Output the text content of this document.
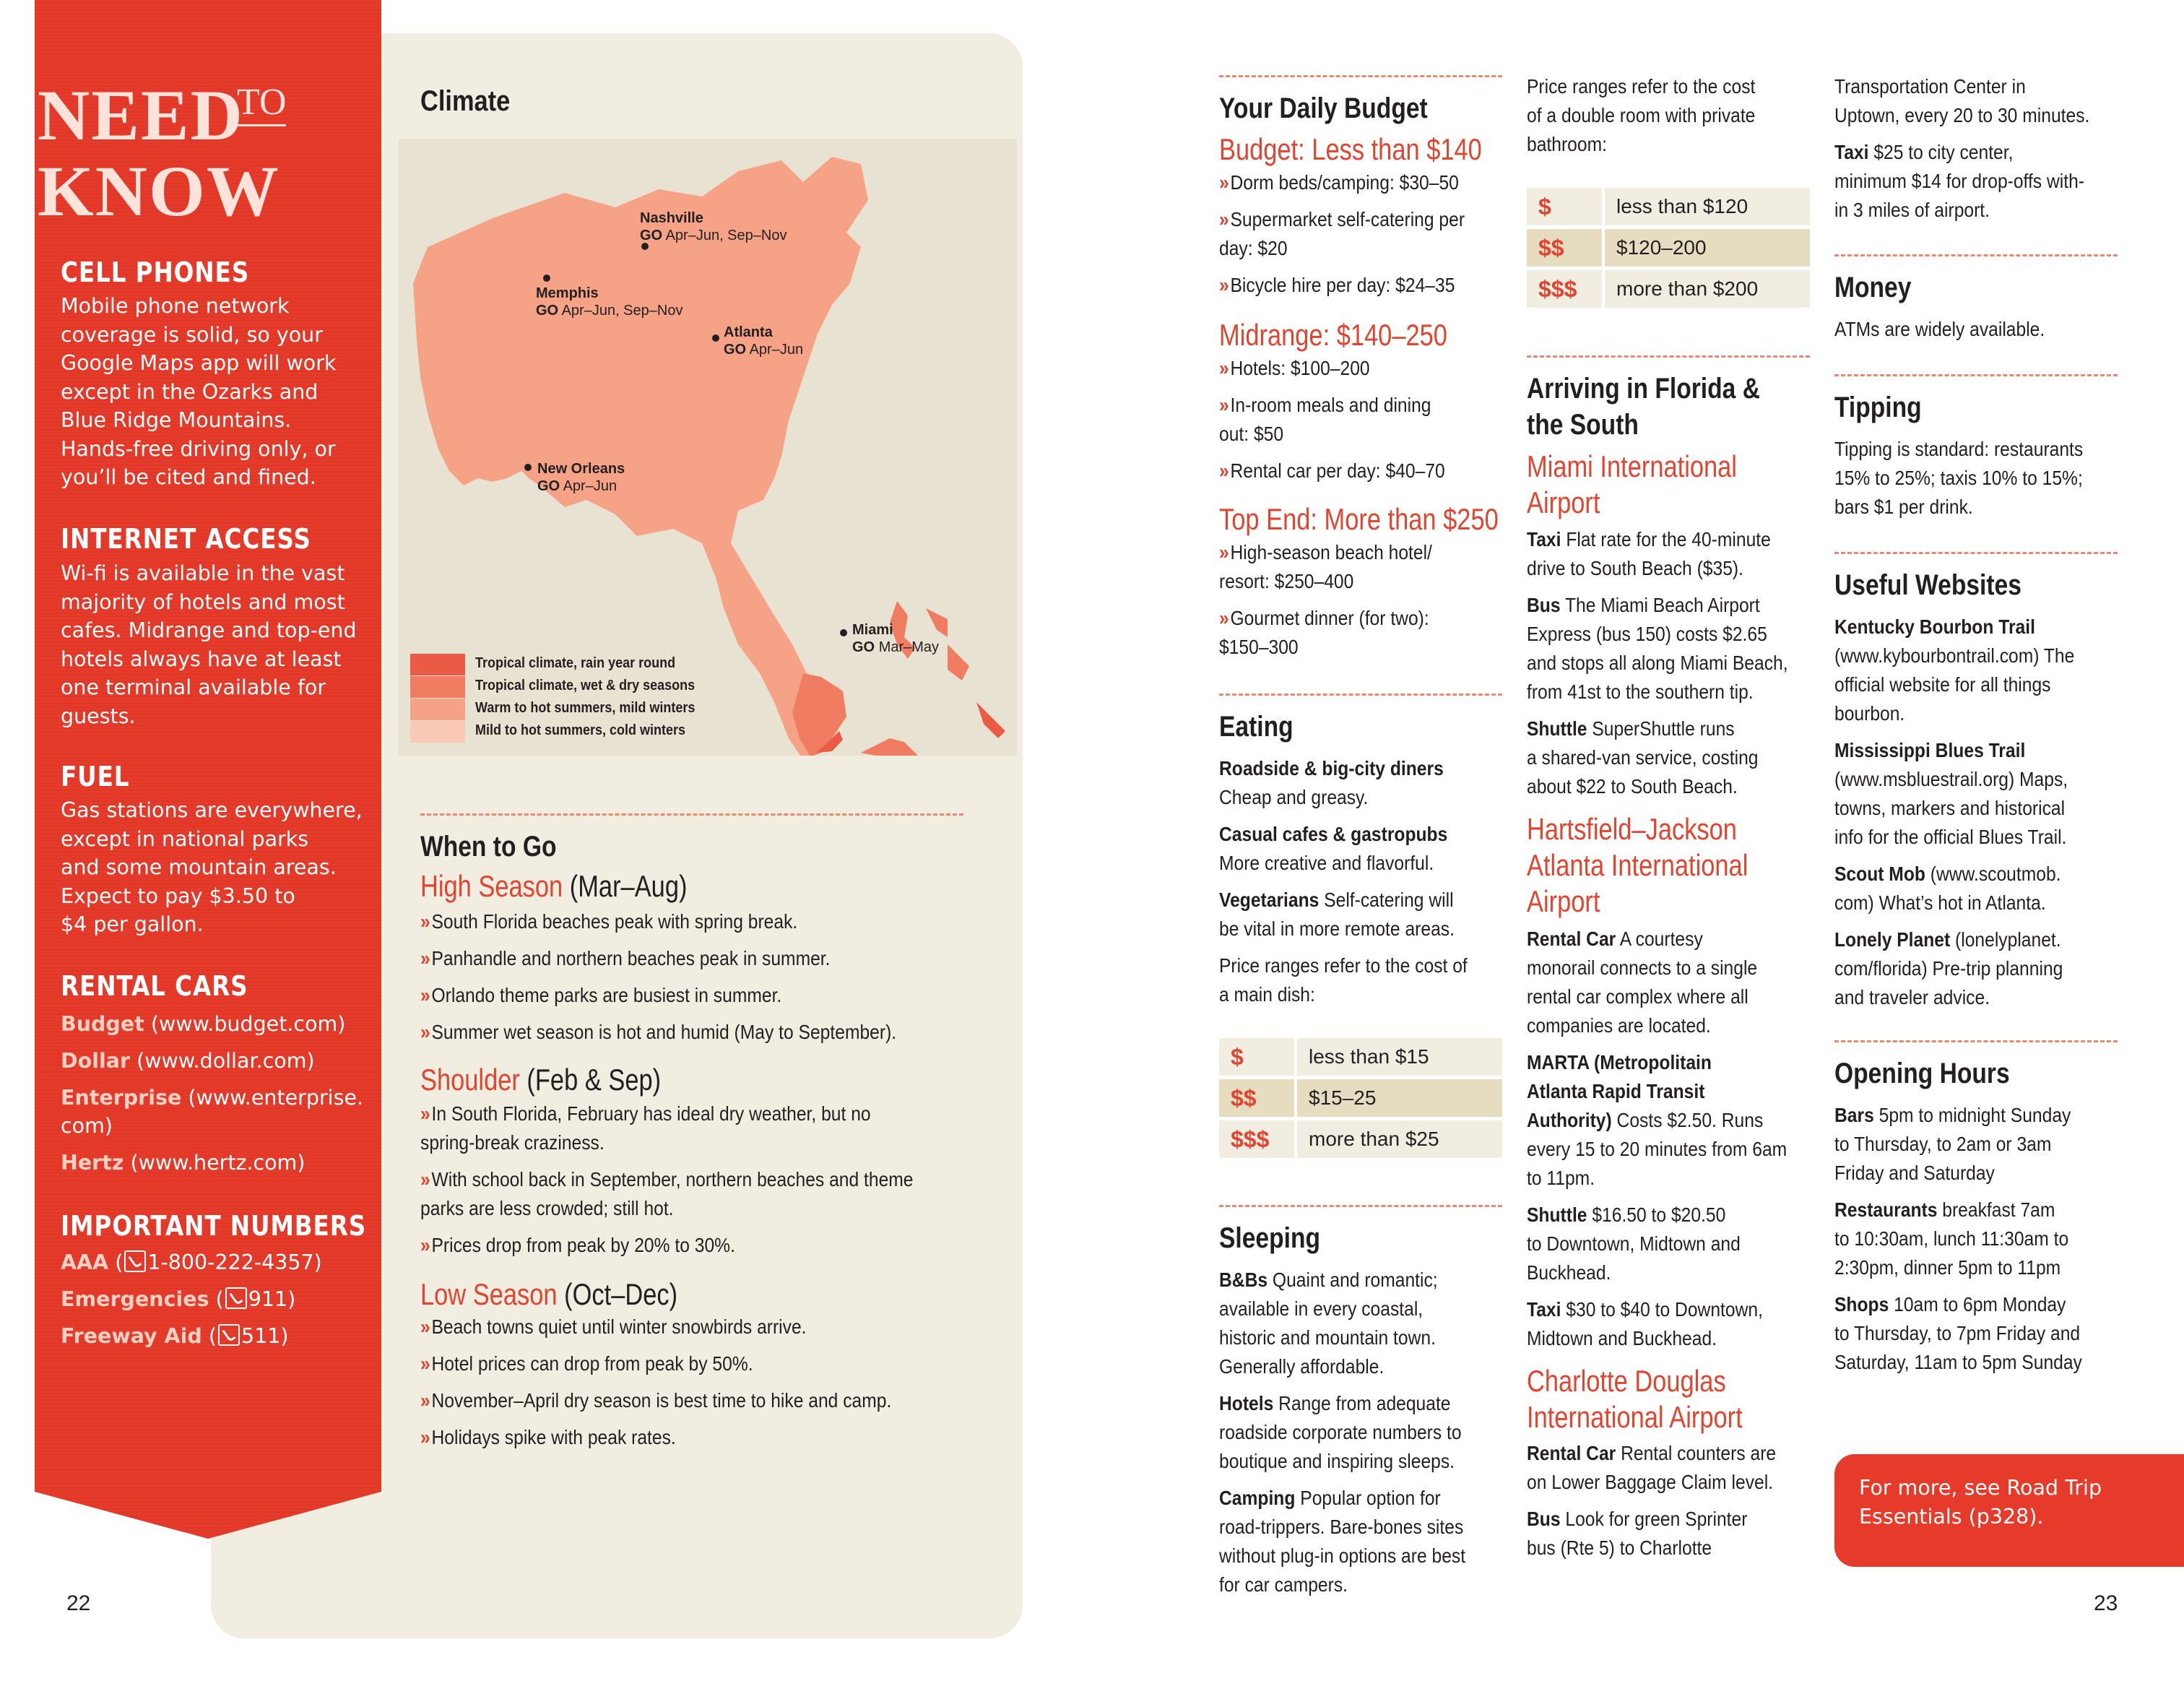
NEED
TO
KNOW
CELL PHONES
Mobile phone network
coverage is solid, so your
Google Maps app will work
except in the Ozarks and
Blue Ridge Mountains.
Hands-free driving only, or
you’ll be cited and fined.
INTERNET ACCESS
Wi-fi is available in the vast
majority of hotels and most
cafes. Midrange and top-end
hotels always have at least
one terminal available for
guests.
FUEL
Gas stations are everywhere,
except in national parks
and some mountain areas.
Expect to pay $3.50 to
$4 per gallon.
RENTAL CARS
Budget (www.budget.com)
Dollar (www.dollar.com)
Enterprise (www.enterprise.
com)
Hertz (www.hertz.com)
IMPORTANT NUMBERS
AAA ( 1-800-222-4357)
Emergencies ( 911)
Freeway Aid ( 511)
Climate
Nashville
GO Apr–Jun, Sep–Nov
Memphis
GO Apr–Jun, Sep–Nov
Atlanta
GO Apr–Jun
New Orleans
GO Apr–Jun
Miami
GO Mar–May
Tropical climate, rain year round
Tropical climate, wet & dry seasons
Warm to hot summers, mild winters
Mild to hot summers, cold winters
When to Go
High Season (Mar–Aug)
» South Florida beaches peak with spring break.
» Panhandle and northern beaches peak in summer.
» Orlando theme parks are busiest in summer.
» Summer wet season is hot and humid (May to September).
Shoulder (Feb & Sep)
» In South Florida, February has ideal dry weather, but no
spring-break craziness.
» With school back in September, northern beaches and theme
parks are less crowded; still hot.
» Prices drop from peak by 20% to 30%.
Low Season (Oct–Dec)
» Beach towns quiet until winter snowbirds arrive.
» Hotel prices can drop from peak by 50%.
» November–April dry season is best time to hike and camp.
» Holidays spike with peak rates.
22
Your Daily Budget
Budget: Less than $140
» Dorm beds/camping: $30–50
» Supermarket self-catering per
day: $20
» Bicycle hire per day: $24–35
Midrange: $140–250
» Hotels: $100–200
» In-room meals and dining
out: $50
» Rental car per day: $40–70
Top End: More than $250
» High-season beach hotel/
resort: $250–400
» Gourmet dinner (for two):
$150–300
Eating
Roadside & big-city diners
Cheap and greasy.
Casual cafes & gastropubs
More creative and flavorful.
Vegetarians Self-catering will
be vital in more remote areas.
Price ranges refer to the cost of
a main dish:
$	less than $15
$$	$15–25
$$$	more than $25
Sleeping
B&Bs Quaint and romantic;
available in every coastal,
historic and mountain town.
Generally affordable.
Hotels Range from adequate
roadside corporate numbers to
boutique and inspiring sleeps.
Camping Popular option for
road-trippers. Bare-bones sites
without plug-in options are best
for car campers.
Price ranges refer to the cost
of a double room with private
bathroom:
$	less than $120
$$	$120–200
$$$	more than $200
Arriving in Florida &
the South
Miami International
Airport
Taxi Flat rate for the 40-minute
drive to South Beach ($35).
Bus The Miami Beach Airport
Express (bus 150) costs $2.65
and stops all along Miami Beach,
from 41st to the southern tip.
Shuttle SuperShuttle runs
a shared-van service, costing
about $22 to South Beach.
Hartsfield–Jackson
Atlanta International
Airport
Rental Car A courtesy
monorail connects to a single
rental car complex where all
companies are located.
MARTA (Metropolitain
Atlanta Rapid Transit
Authority) Costs $2.50. Runs
every 15 to 20 minutes from 6am
to 11pm.
Shuttle $16.50 to $20.50
to Downtown, Midtown and
Buckhead.
Taxi $30 to $40 to Downtown,
Midtown and Buckhead.
Charlotte Douglas
International Airport
Rental Car Rental counters are
on Lower Baggage Claim level.
Bus Look for green Sprinter
bus (Rte 5) to Charlotte
Transportation Center in
Uptown, every 20 to 30 minutes.
Taxi $25 to city center,
minimum $14 for drop-offs with-
in 3 miles of airport.
Money
ATMs are widely available.
Tipping
Tipping is standard: restaurants
15% to 25%; taxis 10% to 15%;
bars $1 per drink.
Useful Websites
Kentucky Bourbon Trail
(www.kybourbontrail.com) The
official website for all things
bourbon.
Mississippi Blues Trail
(www.msbluestrail.org) Maps,
towns, markers and historical
info for the official Blues Trail.
Scout Mob (www.scoutmob.
com) What’s hot in Atlanta.
Lonely Planet (lonelyplanet.
com/florida) Pre-trip planning
and traveler advice.
Opening Hours
Bars 5pm to midnight Sunday
to Thursday, to 2am or 3am
Friday and Saturday
Restaurants breakfast 7am
to 10:30am, lunch 11:30am to
2:30pm, dinner 5pm to 11pm
Shops 10am to 6pm Monday
to Thursday, to 7pm Friday and
Saturday, 11am to 5pm Sunday
For more, see Road Trip
Essentials (p328).
23
